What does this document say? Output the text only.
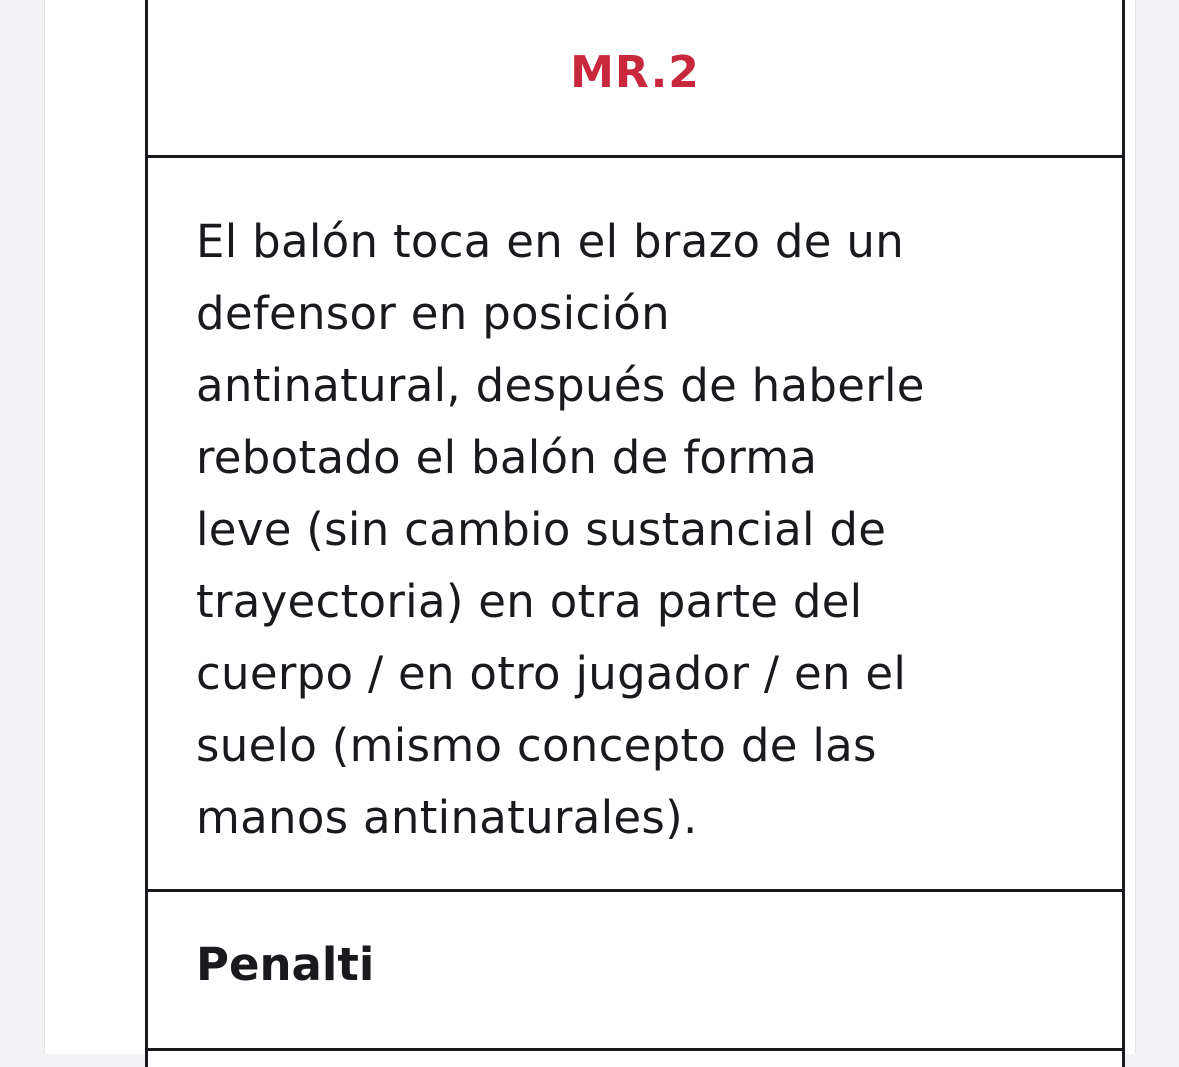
MR.2
El balón toca en el brazo de un
defensor en posición
antinatural, después de haberle
rebotado el balón de forma
leve (sin cambio sustancial de
trayectoria) en otra parte del
cuerpo / en otro jugador / en el
suelo (mismo concepto de las
manos antinaturales).
Penalti
